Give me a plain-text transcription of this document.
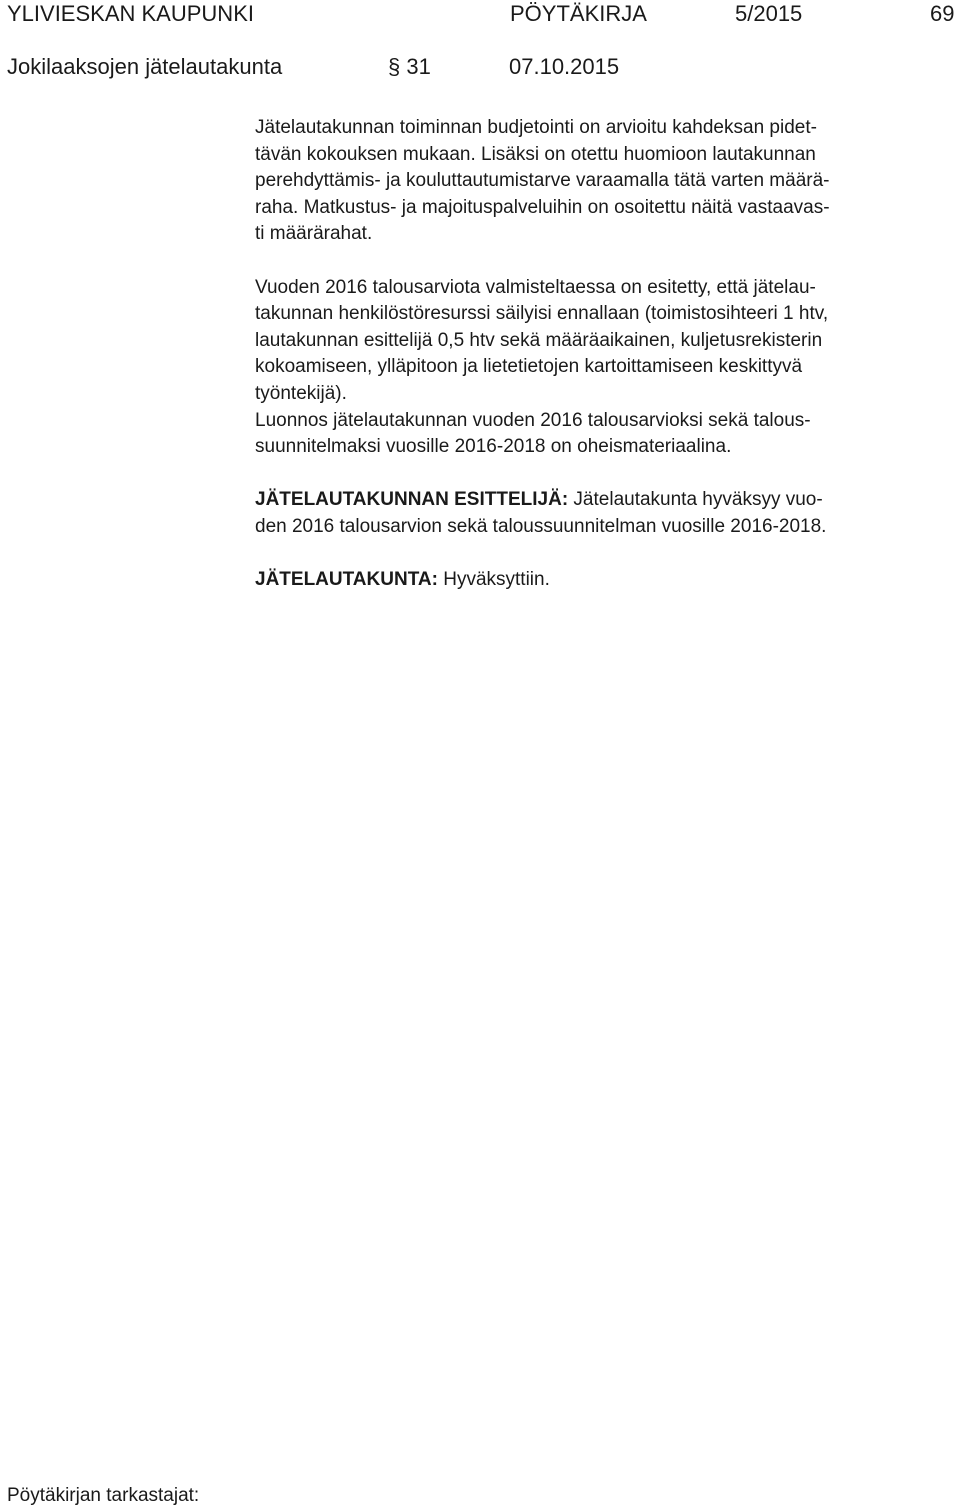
YLIVIESKAN KAUPUNKI	PÖYTÄKIRJA	5/2015	69
Jokilaaksojen jätelautakunta	§ 31	07.10.2015

Jätelautakunnan toiminnan budjetointi on arvioitu kahdeksan pidet-
tävän kokouksen mukaan. Lisäksi on otettu huomioon lautakunnan
perehdyttämis- ja kouluttautumistarve varaamalla tätä varten määrä-
raha. Matkustus- ja majoituspalveluihin on osoitettu näitä vastaavas-
ti määrärahat.

Vuoden 2016 talousarviota valmisteltaessa on esitetty, että jätelau-
takunnan henkilöstöresurssi säilyisi ennallaan (toimistosihteeri 1 htv,
lautakunnan esittelijä 0,5 htv sekä määräaikainen, kuljetusrekisterin
kokoamiseen, ylläpitoon ja lietetietojen kartoittamiseen keskittyvä
työntekijä).
Luonnos jätelautakunnan vuoden 2016 talousarvioksi sekä talous-
suunnitelmaksi vuosille 2016-2018 on oheismateriaalina.

JÄTELAUTAKUNNAN ESITTELIJÄ: Jätelautakunta hyväksyy vuo-
den 2016 talousarvion sekä taloussuunnitelman vuosille 2016-2018.

JÄTELAUTAKUNTA: Hyväksyttiin.

Pöytäkirjan tarkastajat:
